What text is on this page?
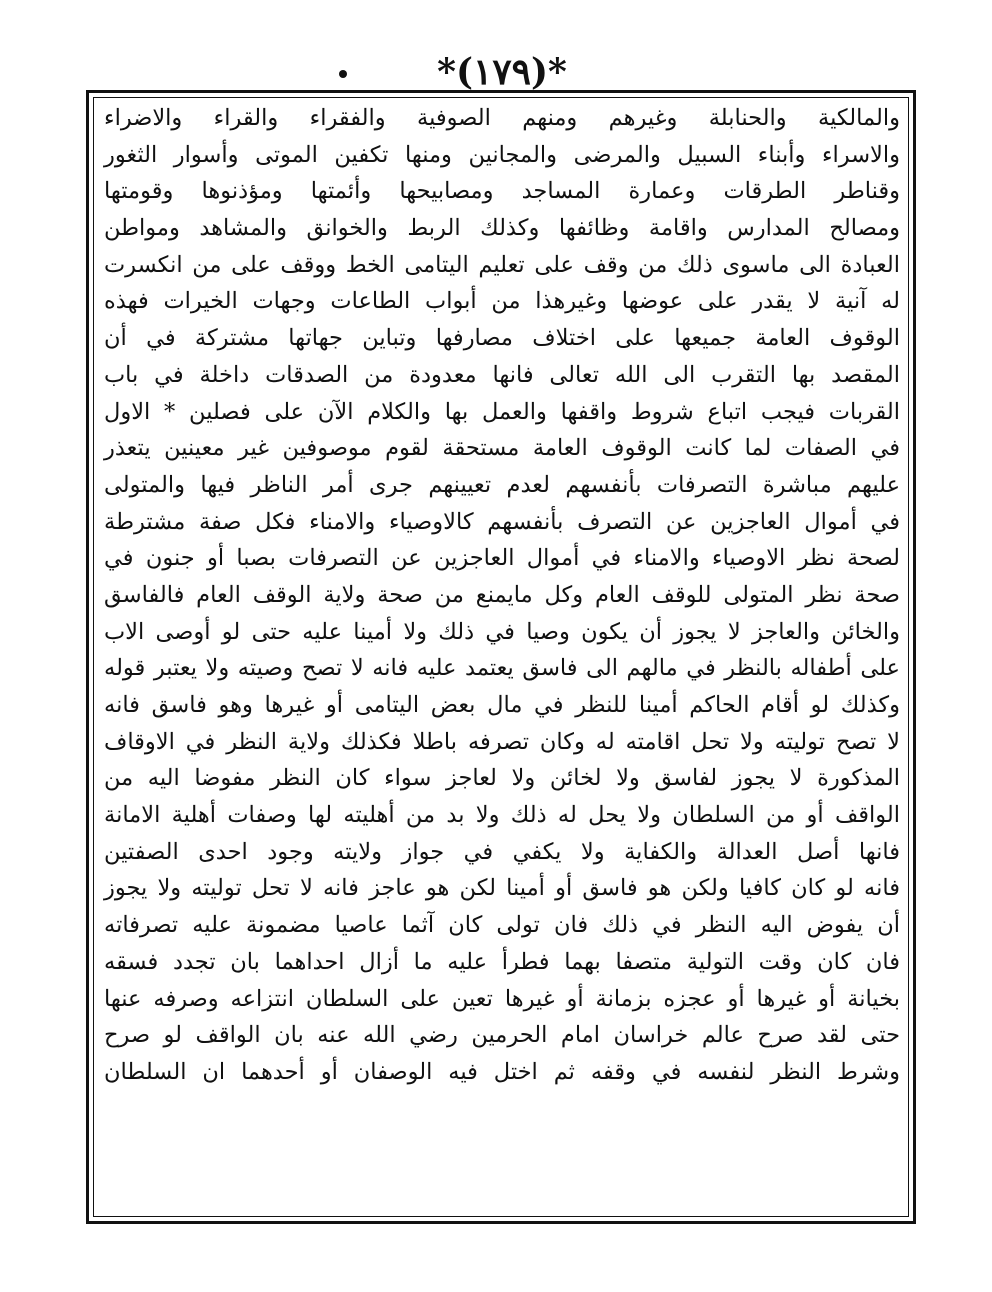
*(١٧٩)*
والمالكية والحنابلة وغيرهم ومنهم الصوفية والفقراء والقراء والاضراء
والاسراء وأبناء السبيل والمرضى والمجانين ومنها تكفين الموتى وأسوار الثغور
وقناطر الطرقات وعمارة المساجد ومصابيحها وأئمتها ومؤذنوها وقومتها
ومصالح المدارس واقامة وظائفها وكذلك الربط والخوانق والمشاهد ومواطن
العبادة الى ماسوى ذلك من وقف على تعليم اليتامى الخط ووقف على من انكسرت
له آنية لا يقدر على عوضها وغيرهذا من أبواب الطاعات وجهات الخيرات فهذه
الوقوف العامة جميعها على اختلاف مصارفها وتباين جهاتها مشتركة في أن
المقصد بها التقرب الى الله تعالى فانها معدودة من الصدقات داخلة في باب
القربات فيجب اتباع شروط واقفها والعمل بها والكلام الآن على فصلين * الاول
في الصفات لما كانت الوقوف العامة مستحقة لقوم موصوفين غير معينين يتعذر
عليهم مباشرة التصرفات بأنفسهم لعدم تعيينهم جرى أمر الناظر فيها والمتولى
في أموال العاجزين عن التصرف بأنفسهم كالاوصياء والامناء فكل صفة مشترطة
لصحة نظر الاوصياء والامناء في أموال العاجزين عن التصرفات بصبا أو جنون في
صحة نظر المتولى للوقف العام وكل مايمنع من صحة ولاية الوقف العام فالفاسق
والخائن والعاجز لا يجوز أن يكون وصيا في ذلك ولا أمينا عليه حتى لو أوصى الاب
على أطفاله بالنظر في مالهم الى فاسق يعتمد عليه فانه لا تصح وصيته ولا يعتبر قوله
وكذلك لو أقام الحاكم أمينا للنظر في مال بعض اليتامى أو غيرها وهو فاسق فانه
لا تصح توليته ولا تحل اقامته له وكان تصرفه باطلا فكذلك ولاية النظر في الاوقاف
المذكورة لا يجوز لفاسق ولا لخائن ولا لعاجز سواء كان النظر مفوضا اليه من
الواقف أو من السلطان ولا يحل له ذلك ولا بد من أهليته لها وصفات أهلية الامانة
فانها أصل العدالة والكفاية ولا يكفي في جواز ولايته وجود احدى الصفتين
فانه لو كان كافيا ولكن هو فاسق أو أمينا لكن هو عاجز فانه لا تحل توليته ولا يجوز
أن يفوض اليه النظر في ذلك فان تولى كان آثما عاصيا مضمونة عليه تصرفاته
فان كان وقت التولية متصفا بهما فطرأ عليه ما أزال احداهما بان تجدد فسقه
بخيانة أو غيرها أو عجزه بزمانة أو غيرها تعين على السلطان انتزاعه وصرفه عنها
حتى لقد صرح عالم خراسان امام الحرمين رضي الله عنه بان الواقف لو صرح
وشرط النظر لنفسه في وقفه ثم اختل فيه الوصفان أو أحدهما ان السلطان
